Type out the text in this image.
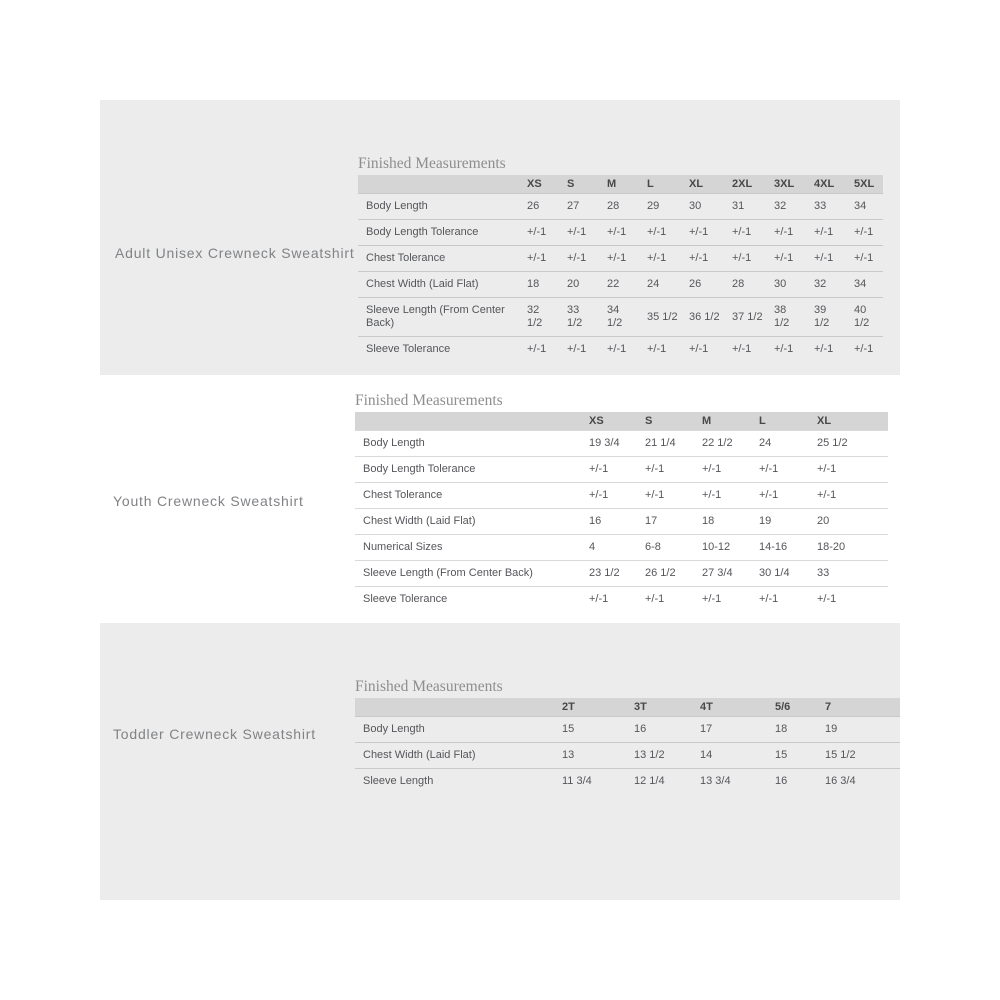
Adult Unisex Crewneck Sweatshirt
Finished Measurements
	XS	S	M	L	XL	2XL	3XL	4XL	5XL
Body Length	26	27	28	29	30	31	32	33	34
Body Length Tolerance	+/-1	+/-1	+/-1	+/-1	+/-1	+/-1	+/-1	+/-1	+/-1
Chest Tolerance	+/-1	+/-1	+/-1	+/-1	+/-1	+/-1	+/-1	+/-1	+/-1
Chest Width (Laid Flat)	18	20	22	24	26	28	30	32	34
Sleeve Length (From Center Back)	32 1/2	33 1/2	34 1/2	35 1/2	36 1/2	37 1/2	38 1/2	39 1/2	40 1/2
Sleeve Tolerance	+/-1	+/-1	+/-1	+/-1	+/-1	+/-1	+/-1	+/-1	+/-1
Youth Crewneck Sweatshirt
Finished Measurements
	XS	S	M	L	XL
Body Length	19 3/4	21 1/4	22 1/2	24	25 1/2
Body Length Tolerance	+/-1	+/-1	+/-1	+/-1	+/-1
Chest Tolerance	+/-1	+/-1	+/-1	+/-1	+/-1
Chest Width (Laid Flat)	16	17	18	19	20
Numerical Sizes	4	6-8	10-12	14-16	18-20
Sleeve Length (From Center Back)	23 1/2	26 1/2	27 3/4	30 1/4	33
Sleeve Tolerance	+/-1	+/-1	+/-1	+/-1	+/-1
Toddler Crewneck Sweatshirt
Finished Measurements
	2T	3T	4T	5/6	7
Body Length	15	16	17	18	19
Chest Width (Laid Flat)	13	13 1/2	14	15	15 1/2
Sleeve Length	11 3/4	12 1/4	13 3/4	16	16 3/4
